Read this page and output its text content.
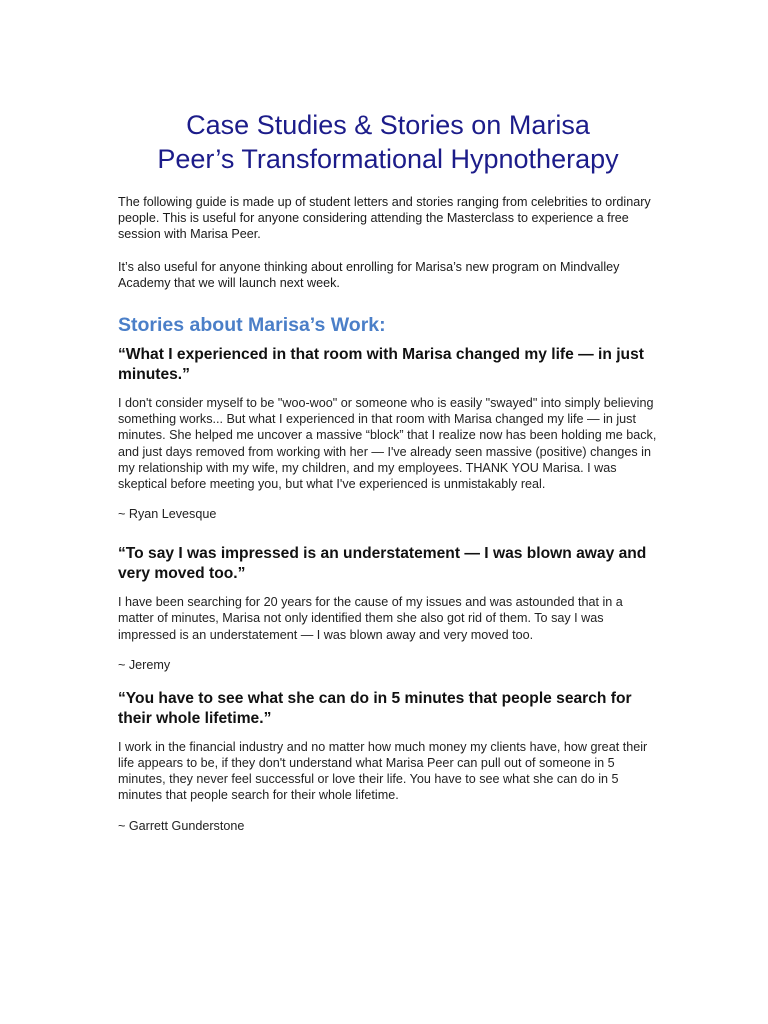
Case Studies & Stories on Marisa
Peer’s Transformational Hypnotherapy

The following guide is made up of student letters and stories ranging from celebrities to ordinary people. This is useful for anyone considering attending the Masterclass to experience a free session with Marisa Peer.

It’s also useful for anyone thinking about enrolling for Marisa’s new program on Mindvalley Academy that we will launch next week.

Stories about Marisa’s Work:

“What I experienced in that room with Marisa changed my life — in just minutes.”

I don't consider myself to be "woo-woo" or someone who is easily "swayed" into simply believing something works... But what I experienced in that room with Marisa changed my life — in just minutes. She helped me uncover a massive “block” that I realize now has been holding me back, and just days removed from working with her — I've already seen massive (positive) changes in my relationship with my wife, my children, and my employees. THANK YOU Marisa. I was skeptical before meeting you, but what I've experienced is unmistakably real.

~ Ryan Levesque

“To say I was impressed is an understatement — I was blown away and very moved too.”

I have been searching for 20 years for the cause of my issues and was astounded that in a matter of minutes, Marisa not only identified them she also got rid of them. To say I was impressed is an understatement — I was blown away and very moved too.

~ Jeremy

“You have to see what she can do in 5 minutes that people search for their whole lifetime.”

I work in the financial industry and no matter how much money my clients have, how great their life appears to be, if they don't understand what Marisa Peer can pull out of someone in 5 minutes, they never feel successful or love their life. You have to see what she can do in 5 minutes that people search for their whole lifetime.

~ Garrett Gunderstone
